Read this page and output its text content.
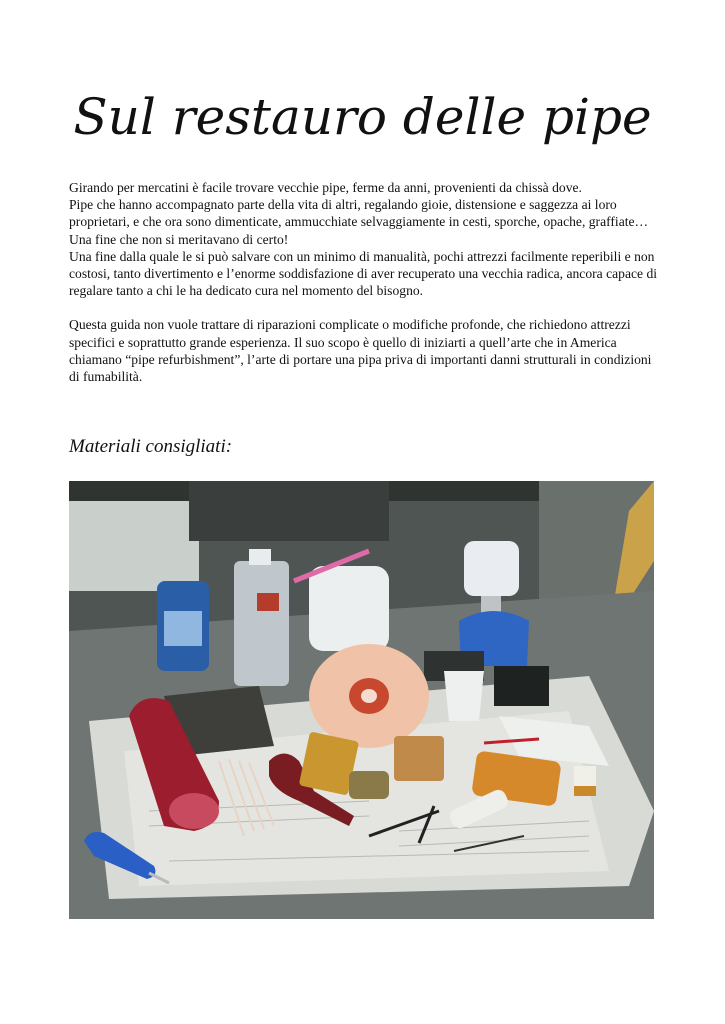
Sul restauro delle pipe

Girando per mercatini è facile trovare vecchie pipe, ferme da anni, provenienti da chissà dove.

Pipe che hanno accompagnato parte della vita di altri, regalando gioie, distensione e saggezza ai loro proprietari, e che ora sono dimenticate, ammucchiate selvaggiamente in cesti, sporche, opache, graffiate…

Una fine che non si meritavano di certo!

Una fine dalla quale le si può salvare con un minimo di manualità, pochi attrezzi facilmente reperibili e non costosi, tanto divertimento e l’enorme soddisfazione di aver recuperato una vecchia radica, ancora capace di regalare tanto a chi le ha dedicato cura nel momento del bisogno.

Questa guida non vuole trattare di riparazioni complicate o modifiche profonde, che richiedono attrezzi specifici e soprattutto grande esperienza. Il suo scopo è quello di iniziarti a quell’arte che in America chiamano “pipe refurbishment”, l’arte di portare una pipa priva di importanti danni strutturali in condizioni di fumabilità.

Materiali consigliati:
